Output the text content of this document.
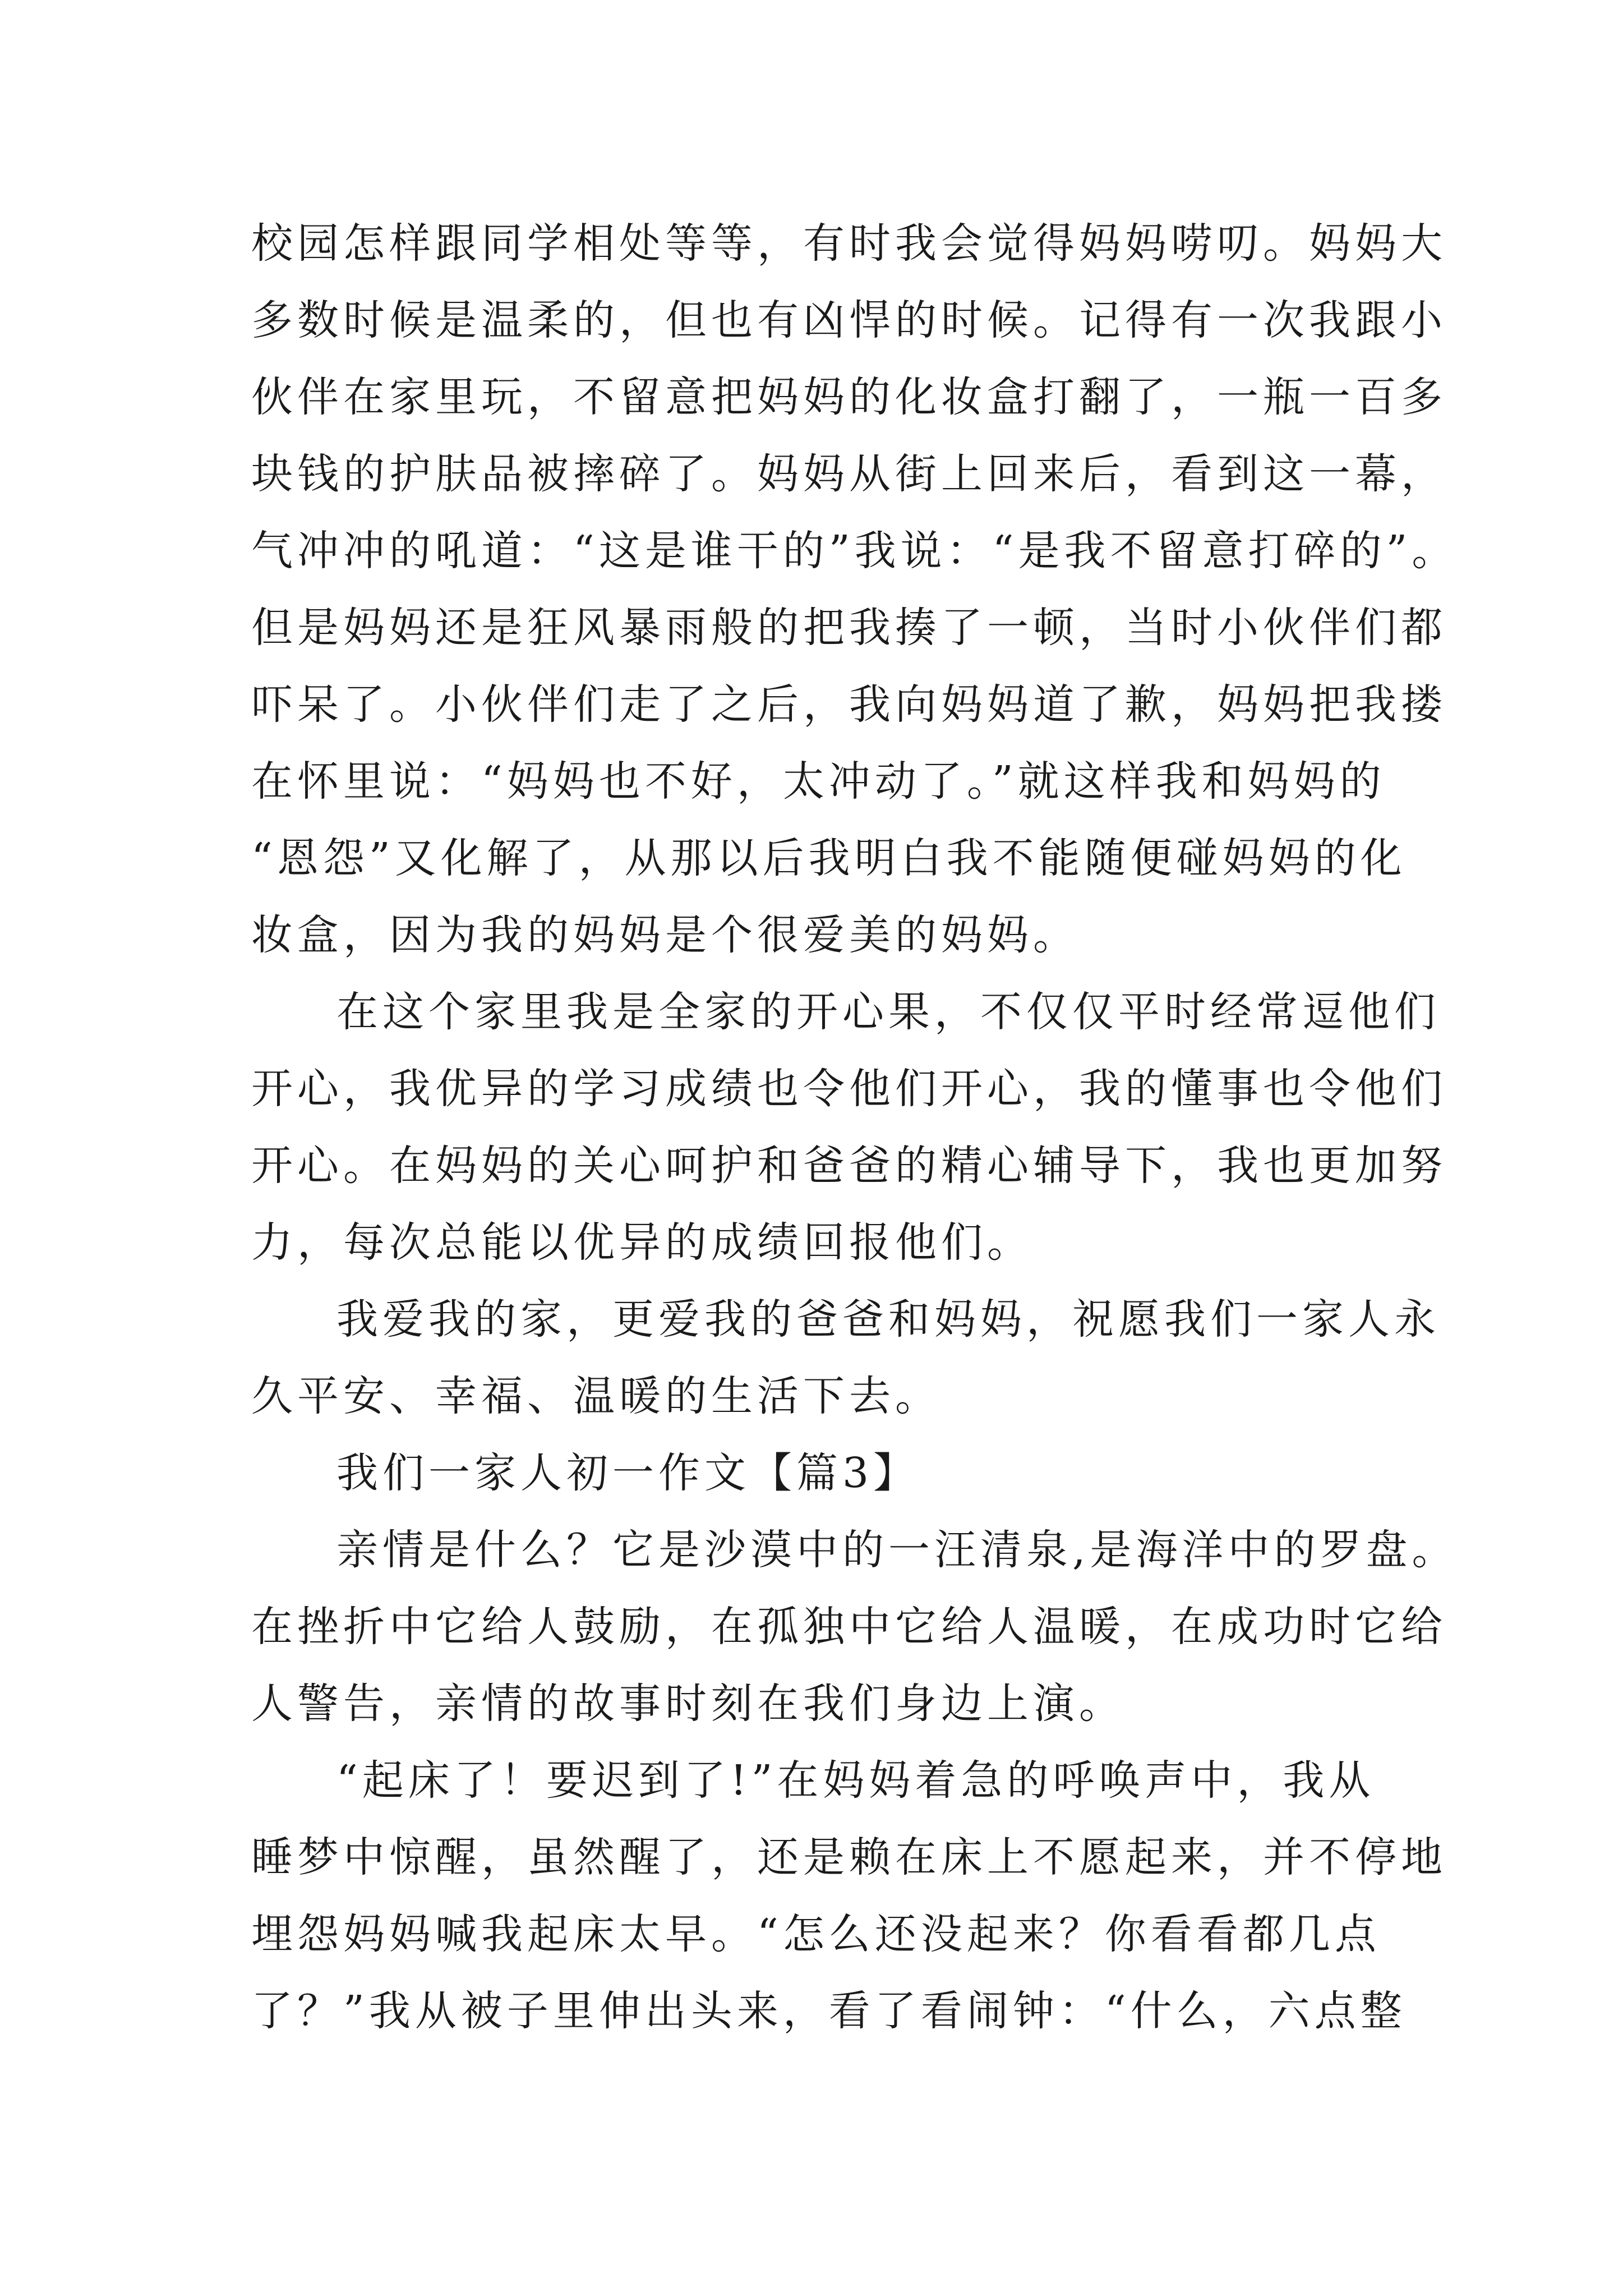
校园怎样跟同学相处等等，有时我会觉得妈妈唠叨。妈妈大
多数时候是温柔的，但也有凶悍的时候。记得有一次我跟小
伙伴在家里玩，不留意把妈妈的化妆盒打翻了，一瓶一百多
块钱的护肤品被摔碎了。妈妈从街上回来后，看到这一幕，
气冲冲的吼道：“这是谁干的”我说：“是我不留意打碎的”。
但是妈妈还是狂风暴雨般的把我揍了一顿，当时小伙伴们都
吓呆了。小伙伴们走了之后，我向妈妈道了歉，妈妈把我搂
在怀里说：“妈妈也不好，太冲动了。”就这样我和妈妈的
“恩怨”又化解了，从那以后我明白我不能随便碰妈妈的化
妆盒，因为我的妈妈是个很爱美的妈妈。
在这个家里我是全家的开心果，不仅仅平时经常逗他们
开心，我优异的学习成绩也令他们开心，我的懂事也令他们
开心。在妈妈的关心呵护和爸爸的精心辅导下，我也更加努
力，每次总能以优异的成绩回报他们。
我爱我的家，更爱我的爸爸和妈妈，祝愿我们一家人永
久平安、幸福、温暖的生活下去。
我们一家人初一作文【篇3】
亲情是什么？它是沙漠中的一汪清泉,是海洋中的罗盘。
在挫折中它给人鼓励，在孤独中它给人温暖，在成功时它给
人警告，亲情的故事时刻在我们身边上演。
“起床了！要迟到了!”在妈妈着急的呼唤声中，我从
睡梦中惊醒，虽然醒了，还是赖在床上不愿起来，并不停地
埋怨妈妈喊我起床太早。“怎么还没起来？你看看都几点
了？”我从被子里伸出头来，看了看闹钟：“什么，六点整
